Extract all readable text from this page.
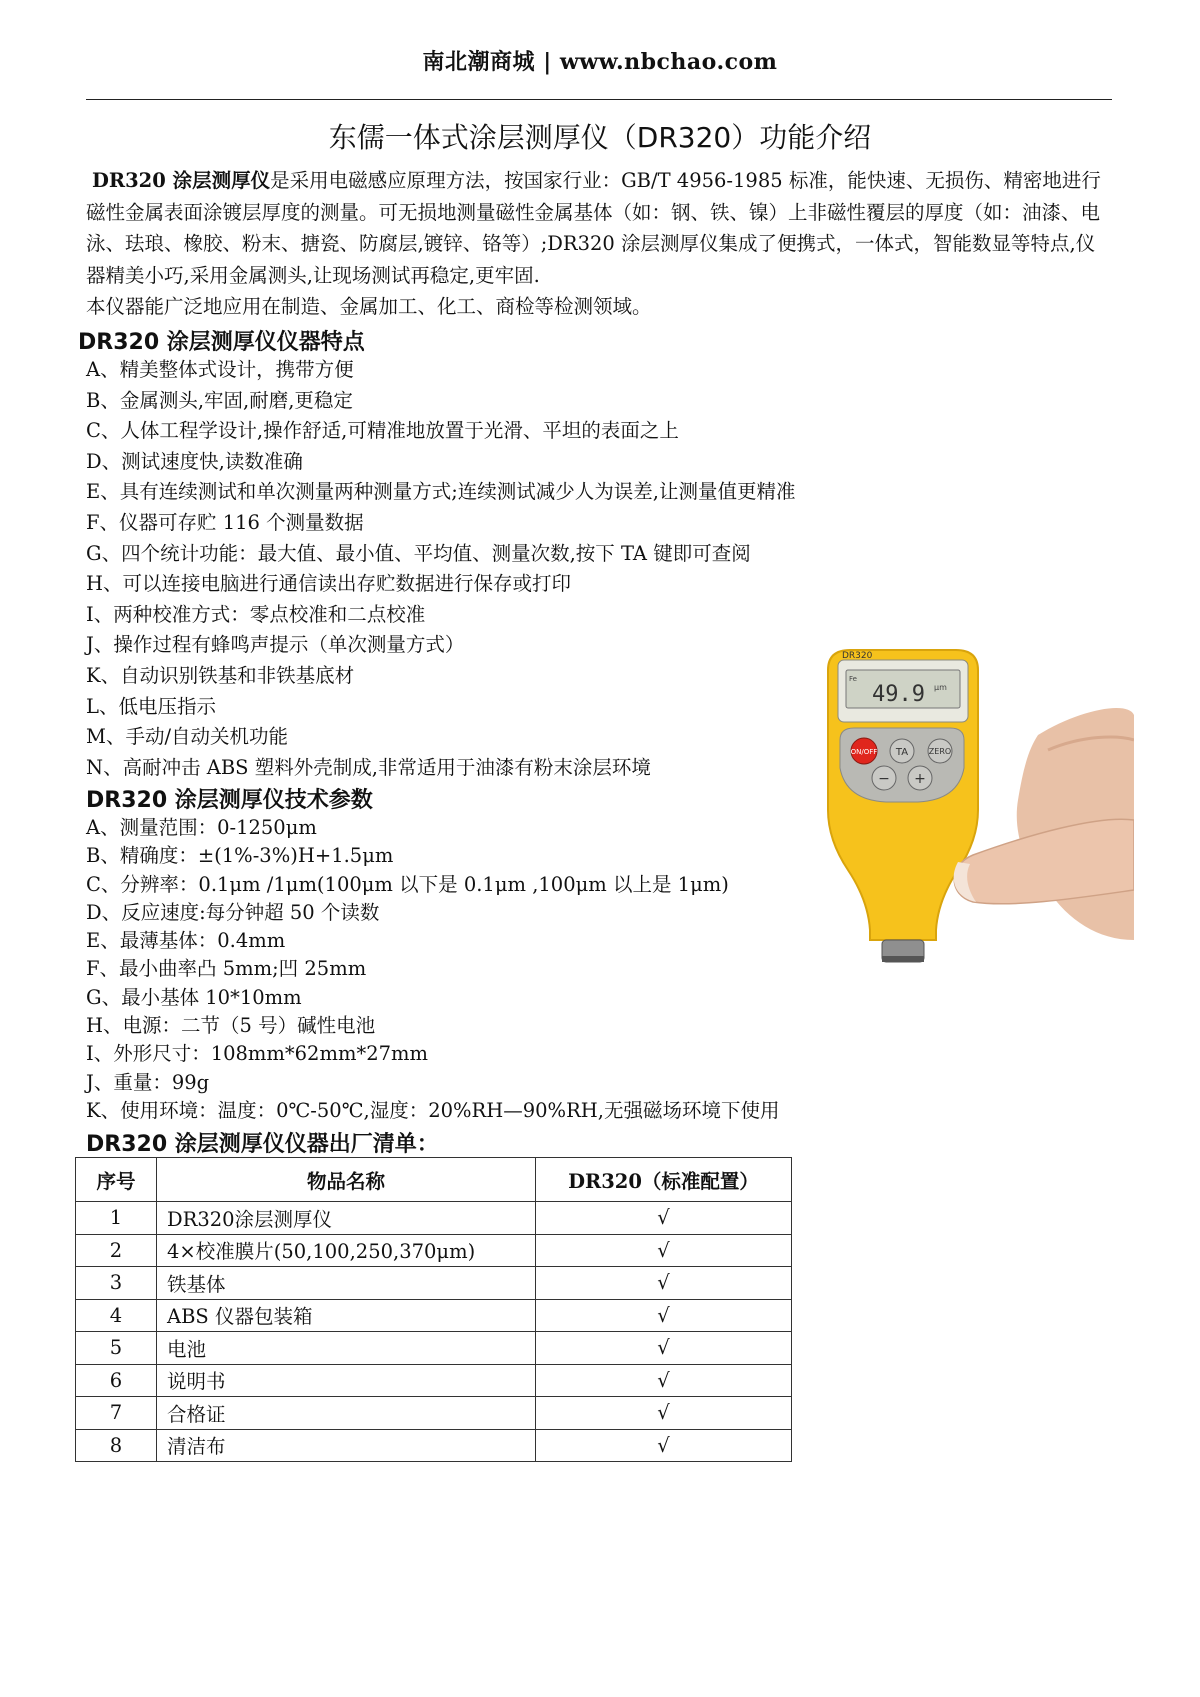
南北潮商城 | www.nbchao.com
东儒一体式涂层测厚仪（DR320）功能介绍
DR320 涂层测厚仪是采用电磁感应原理方法，按国家行业：GB/T 4956-1985 标准，能快速、无损伤、精密地进行磁性金属表面涂镀层厚度的测量。可无损地测量磁性金属基体（如：钢、铁、镍）上非磁性覆层的厚度（如：油漆、电泳、珐琅、橡胶、粉末、搪瓷、防腐层,镀锌、铬等）;DR320 涂层测厚仪集成了便携式，一体式，智能数显等特点,仪器精美小巧,采用金属测头,让现场测试再稳定,更牢固.
本仪器能广泛地应用在制造、金属加工、化工、商检等检测领域。
DR320 涂层测厚仪仪器特点
A、精美整体式设计，携带方便
B、金属测头,牢固,耐磨,更稳定
C、人体工程学设计,操作舒适,可精准地放置于光滑、平坦的表面之上
D、测试速度快,读数准确
E、具有连续测试和单次测量两种测量方式;连续测试减少人为误差,让测量值更精准
F、仪器可存贮 116 个测量数据
G、四个统计功能：最大值、最小值、平均值、测量次数,按下 TA 键即可查阅
H、可以连接电脑进行通信读出存贮数据进行保存或打印
I、两种校准方式：零点校准和二点校准
J、操作过程有蜂鸣声提示（单次测量方式）
K、自动识别铁基和非铁基底材
L、低电压指示
M、手动/自动关机功能
N、高耐冲击 ABS 塑料外壳制成,非常适用于油漆有粉末涂层环境
DR320 涂层测厚仪技术参数
A、测量范围：0-1250μm
B、精确度：±(1%-3%)H+1.5μm
C、分辨率：0.1μm /1μm(100μm 以下是 0.1μm ,100μm 以上是 1μm)
D、反应速度:每分钟超 50 个读数
E、最薄基体：0.4mm
F、最小曲率凸 5mm;凹 25mm
G、最小基体 10*10mm
H、电源：二节（5 号）碱性电池
I、外形尺寸：108mm*62mm*27mm
J、重量：99g
K、使用环境：温度：0℃-50℃,湿度：20%RH—90%RH,无强磁场环境下使用
DR320 涂层测厚仪仪器出厂清单：
序号	物品名称	DR320（标准配置）
1	DR320涂层测厚仪	√
2	4×校准膜片(50,100,250,370μm)	√
3	铁基体	√
4	ABS 仪器包装箱	√
5	电池	√
6	说明书	√
7	合格证	√
8	清洁布	√
DR320
Fe
49.9 μm
ON/OFF TA	ZERO
− +
